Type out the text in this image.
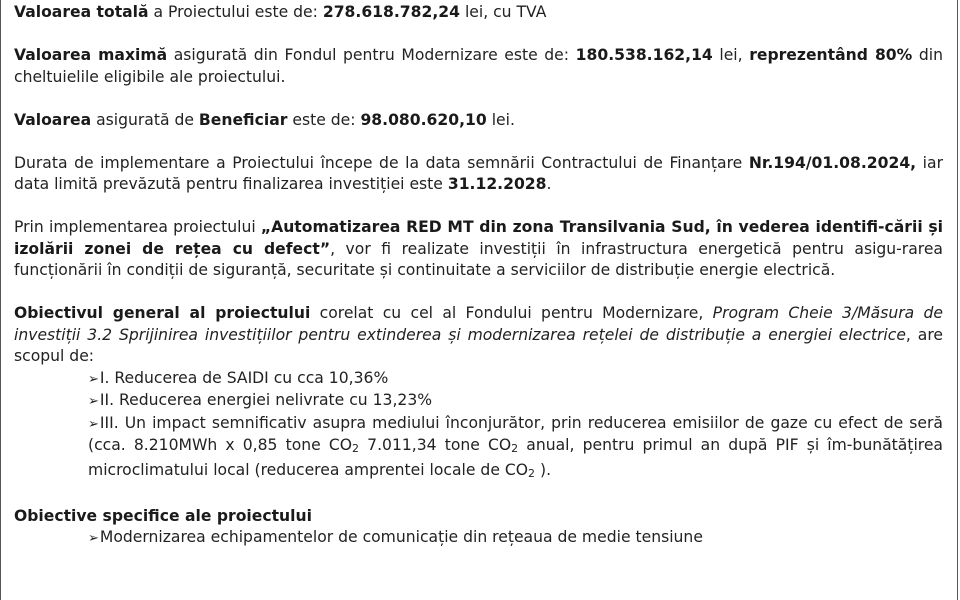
Valoarea totală a Proiectului este de: 278.618.782,24 lei, cu TVA

Valoarea maximă asigurată din Fondul pentru Modernizare este de: 180.538.162,14 lei, reprezentând 80% din cheltuielile eligibile ale proiectului.

Valoarea asigurată de Beneficiar este de: 98.080.620,10 lei.

Durata de implementare a Proiectului începe de la data semnării Contractului de Finanțare Nr.194/01.08.2024, iar data limită prevăzută pentru finalizarea investiției este 31.12.2028.

Prin implementarea proiectului „Automatizarea RED MT din zona Transilvania Sud, în vederea identifi-cării și izolării zonei de rețea cu defect”, vor fi realizate investiții în infrastructura energetică pentru asigu-rarea funcționării în condiții de siguranță, securitate și continuitate a serviciilor de distribuție energie electrică.

Obiectivul general al proiectului corelat cu cel al Fondului pentru Modernizare, Program Cheie 3/Măsura de investiții 3.2 Sprijinirea investițiilor pentru extinderea și modernizarea rețelei de distribuție a energiei electrice, are scopul de:

➢I. Reducerea de SAIDI cu cca 10,36%
➢II. Reducerea energiei nelivrate cu 13,23%

➢III. Un impact semnificativ asupra mediului înconjurător, prin reducerea emisiilor de gaze cu efect de seră (cca. 8.210MWh x 0,85 tone CO2 7.011,34 tone CO2 anual, pentru primul an după PIF și îm-bunătățirea microclimatului local (reducerea amprentei locale de CO2 ).

Obiective specifice ale proiectului

➢Modernizarea echipamentelor de comunicație din rețeaua de medie tensiune
